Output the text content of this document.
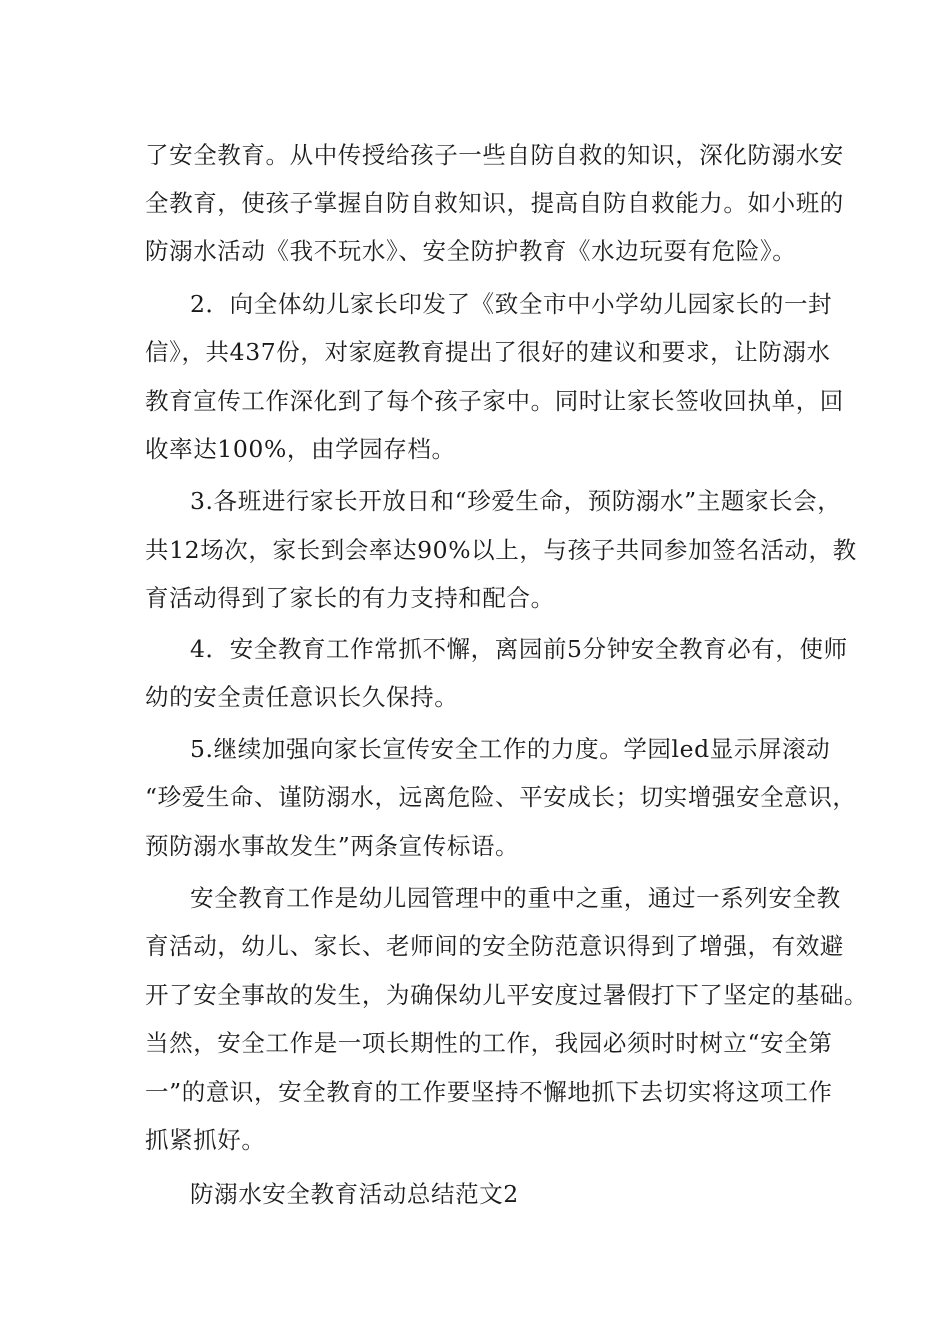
了安全教育。从中传授给孩子一些自防自救的知识，深化防溺水安

全教育，使孩子掌握自防自救知识，提高自防自救能力。如小班的

防溺水活动《我不玩水》、安全防护教育《水边玩耍有危险》。

2．向全体幼儿家长印发了《致全市中小学幼儿园家长的一封

信》，共437份，对家庭教育提出了很好的建议和要求，让防溺水

教育宣传工作深化到了每个孩子家中。同时让家长签收回执单，回

收率达100%，由学园存档。

3.各班进行家长开放日和“珍爱生命，预防溺水”主题家长会，

共12场次，家长到会率达90%以上，与孩子共同参加签名活动，教

育活动得到了家长的有力支持和配合。

4．安全教育工作常抓不懈，离园前5分钟安全教育必有，使师

幼的安全责任意识长久保持。

5.继续加强向家长宣传安全工作的力度。学园led显示屏滚动

“珍爱生命、谨防溺水，远离危险、平安成长；切实增强安全意识，

预防溺水事故发生”两条宣传标语。

安全教育工作是幼儿园管理中的重中之重，通过一系列安全教

育活动，幼儿、家长、老师间的安全防范意识得到了增强，有效避

开了安全事故的发生，为确保幼儿平安度过暑假打下了坚定的基础。

当然，安全工作是一项长期性的工作，我园必须时时树立“安全第

一”的意识，安全教育的工作要坚持不懈地抓下去切实将这项工作

抓紧抓好。

防溺水安全教育活动总结范文2
